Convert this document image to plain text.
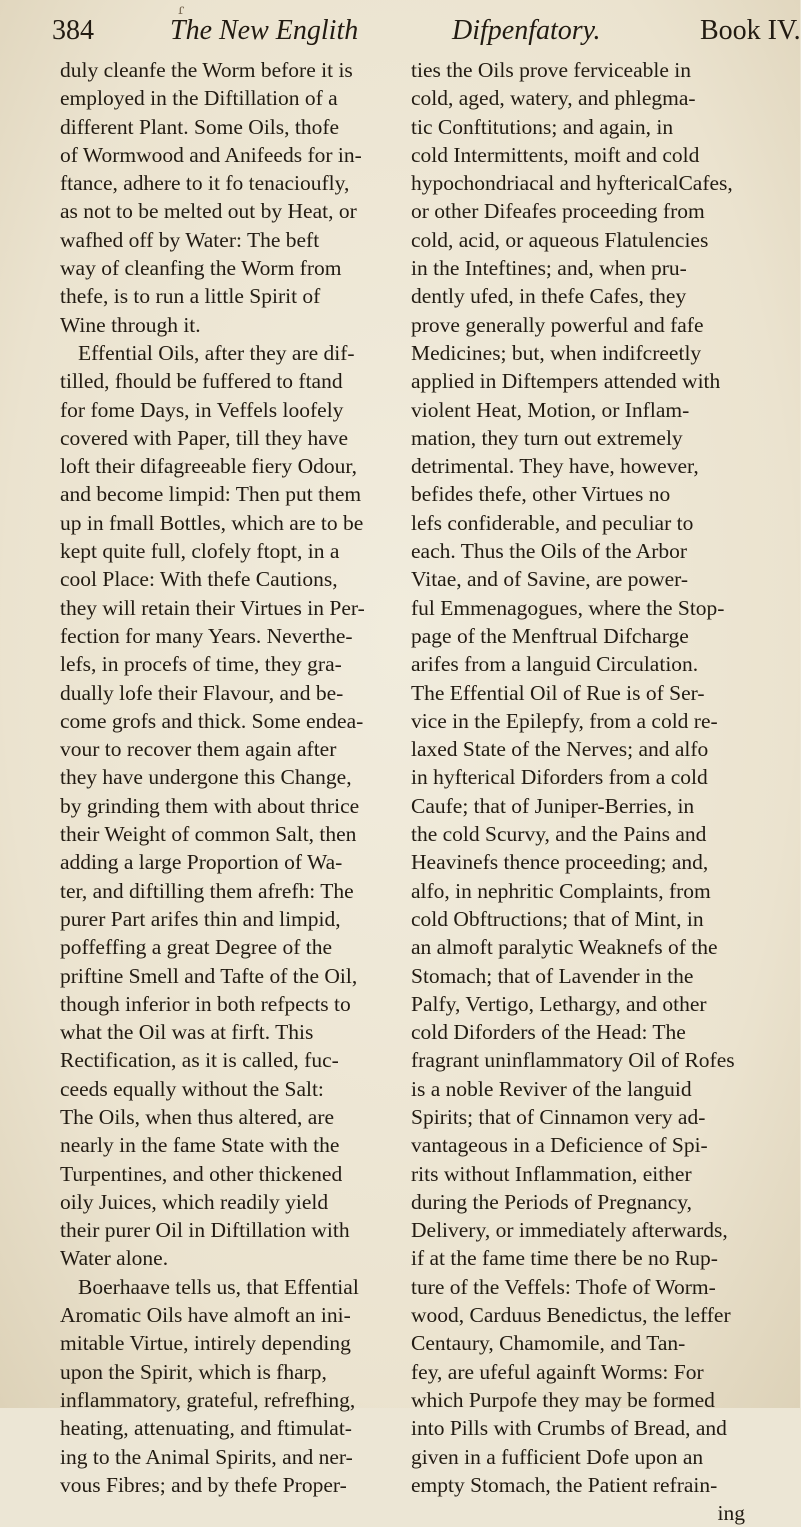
ɾ
384	The New Englith	Difpenfatory.	Book IV.
duly cleanfe the Worm before it is
employed in the Diftillation of a
different Plant. Some Oils, thofe
of Wormwood and Anifeeds for in-
ftance, adhere to it fo tenacioufly,
as not to be melted out by Heat, or
wafhed off by Water: The beft
way of cleanfing the Worm from
thefe, is to run a little Spirit of
Wine through it.
Effential Oils, after they are dif-
tilled, fhould be fuffered to ftand
for fome Days, in Veffels loofely
covered with Paper, till they have
loft their difagreeable fiery Odour,
and become limpid: Then put them
up in fmall Bottles, which are to be
kept quite full, clofely ftopt, in a
cool Place: With thefe Cautions,
they will retain their Virtues in Per-
fection for many Years. Neverthe-
lefs, in procefs of time, they gra-
dually lofe their Flavour, and be-
come grofs and thick. Some endea-
vour to recover them again after
they have undergone this Change,
by grinding them with about thrice
their Weight of common Salt, then
adding a large Proportion of Wa-
ter, and diftilling them afrefh: The
purer Part arifes thin and limpid,
poffeffing a great Degree of the
priftine Smell and Tafte of the Oil,
though inferior in both refpects to
what the Oil was at firft. This
Rectification, as it is called, fuc-
ceeds equally without the Salt:
The Oils, when thus altered, are
nearly in the fame State with the
Turpentines, and other thickened
oily Juices, which readily yield
their purer Oil in Diftillation with
Water alone.
Boerhaave tells us, that Effential
Aromatic Oils have almoft an ini-
mitable Virtue, intirely depending
upon the Spirit, which is fharp,
inflammatory, grateful, refrefhing,
heating, attenuating, and ftimulat-
ing to the Animal Spirits, and ner-
vous Fibres; and by thefe Proper-
ties the Oils prove ferviceable in
cold, aged, watery, and phlegma-
tic Conftitutions; and again, in
cold Intermittents, moift and cold
hypochondriacal and hyftericalCafes,
or other Difeafes proceeding from
cold, acid, or aqueous Flatulencies
in the Inteftines; and, when pru-
dently ufed, in thefe Cafes, they
prove generally powerful and fafe
Medicines; but, when indifcreetly
applied in Diftempers attended with
violent Heat, Motion, or Inflam-
mation, they turn out extremely
detrimental. They have, however,
befides thefe, other Virtues no
lefs confiderable, and peculiar to
each. Thus the Oils of the Arbor
Vitae, and of Savine, are power-
ful Emmenagogues, where the Stop-
page of the Menftrual Difcharge
arifes from a languid Circulation.
The Effential Oil of Rue is of Ser-
vice in the Epilepfy, from a cold re-
laxed State of the Nerves; and alfo
in hyfterical Diforders from a cold
Caufe; that of Juniper-Berries, in
the cold Scurvy, and the Pains and
Heavinefs thence proceeding; and,
alfo, in nephritic Complaints, from
cold Obftructions; that of Mint, in
an almoft paralytic Weaknefs of the
Stomach; that of Lavender in the
Palfy, Vertigo, Lethargy, and other
cold Diforders of the Head: The
fragrant uninflammatory Oil of Rofes
is a noble Reviver of the languid
Spirits; that of Cinnamon very ad-
vantageous in a Deficience of Spi-
rits without Inflammation, either
during the Periods of Pregnancy,
Delivery, or immediately afterwards,
if at the fame time there be no Rup-
ture of the Veffels: Thofe of Worm-
wood, Carduus Benedictus, the leffer
Centaury, Chamomile, and Tan-
fey, are ufeful againft Worms: For
which Purpofe they may be formed
into Pills with Crumbs of Bread, and
given in a fufficient Dofe upon an
empty Stomach, the Patient refrain-
ing
